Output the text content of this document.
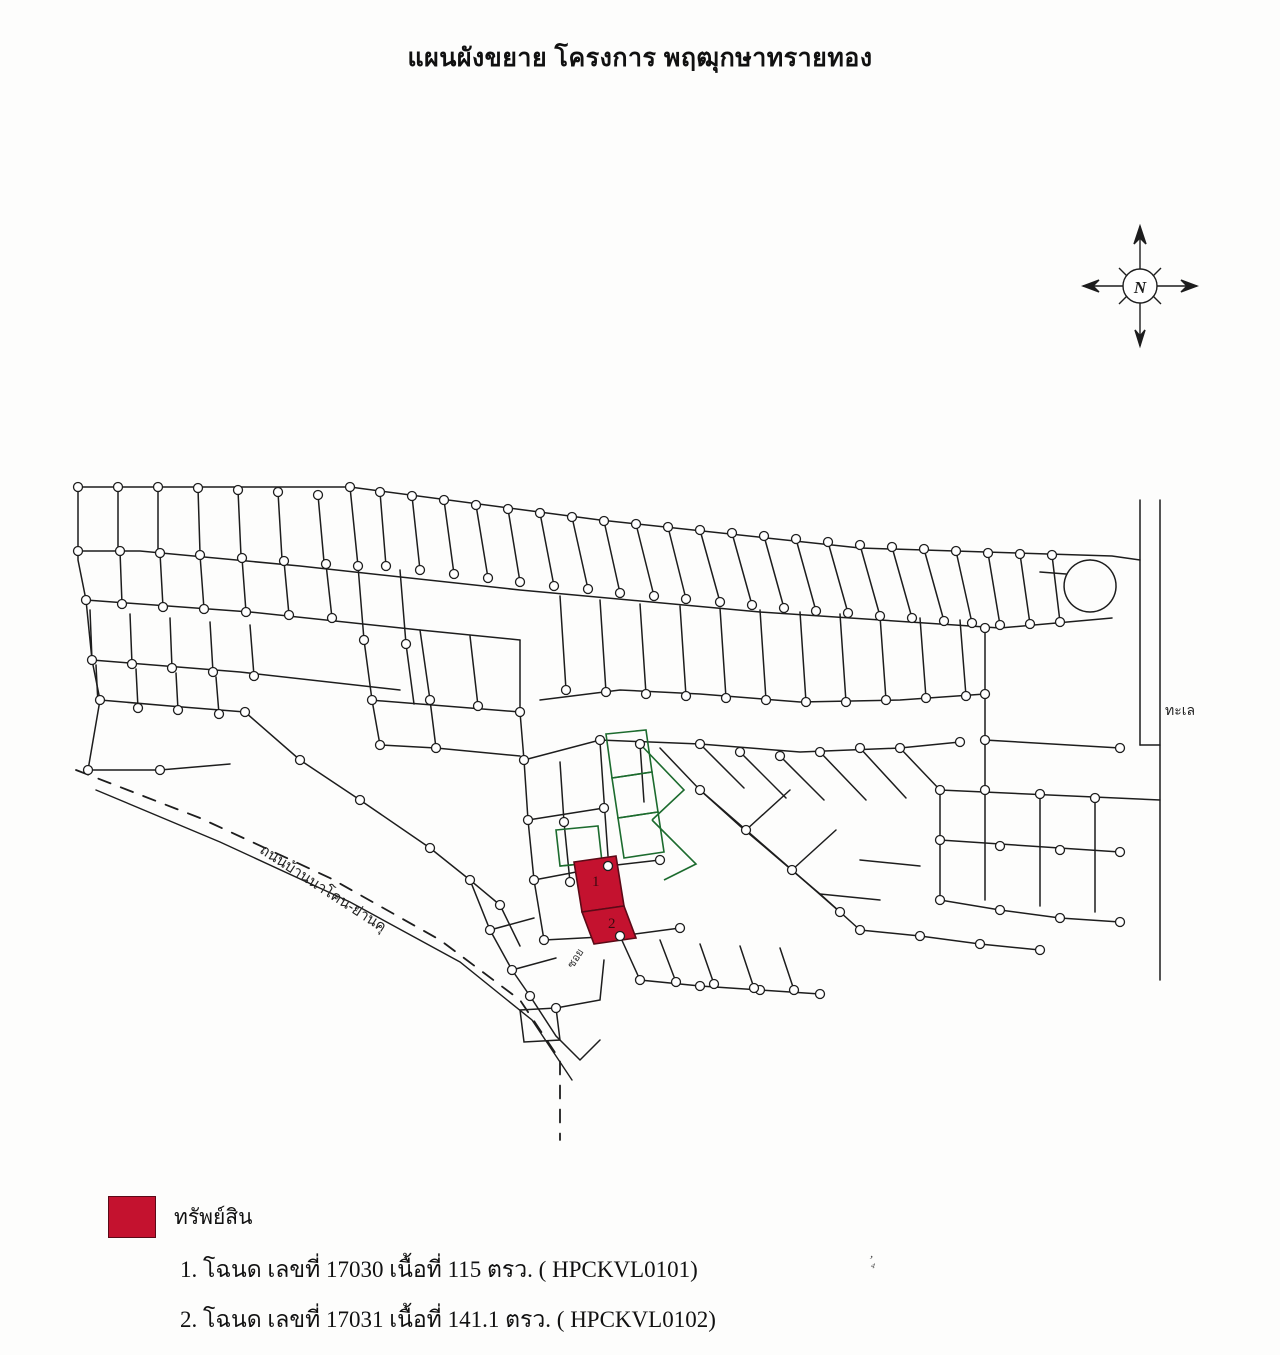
แผนผังขยาย โครงการ พฤฒุกษาทรายทอง
1
2
N
ทะเล
ถนนบ้านนาโคน-ย่านคุ
ซอย
ทรัพย์สิน
1. โฉนด เลขที่ 17030 เนื้อที่ 115 ตรว. ( HPCKVL0101)
2. โฉนด เลขที่ 17031 เนื้อที่ 141.1 ตรว. ( HPCKVL0102)
ʼ₄
